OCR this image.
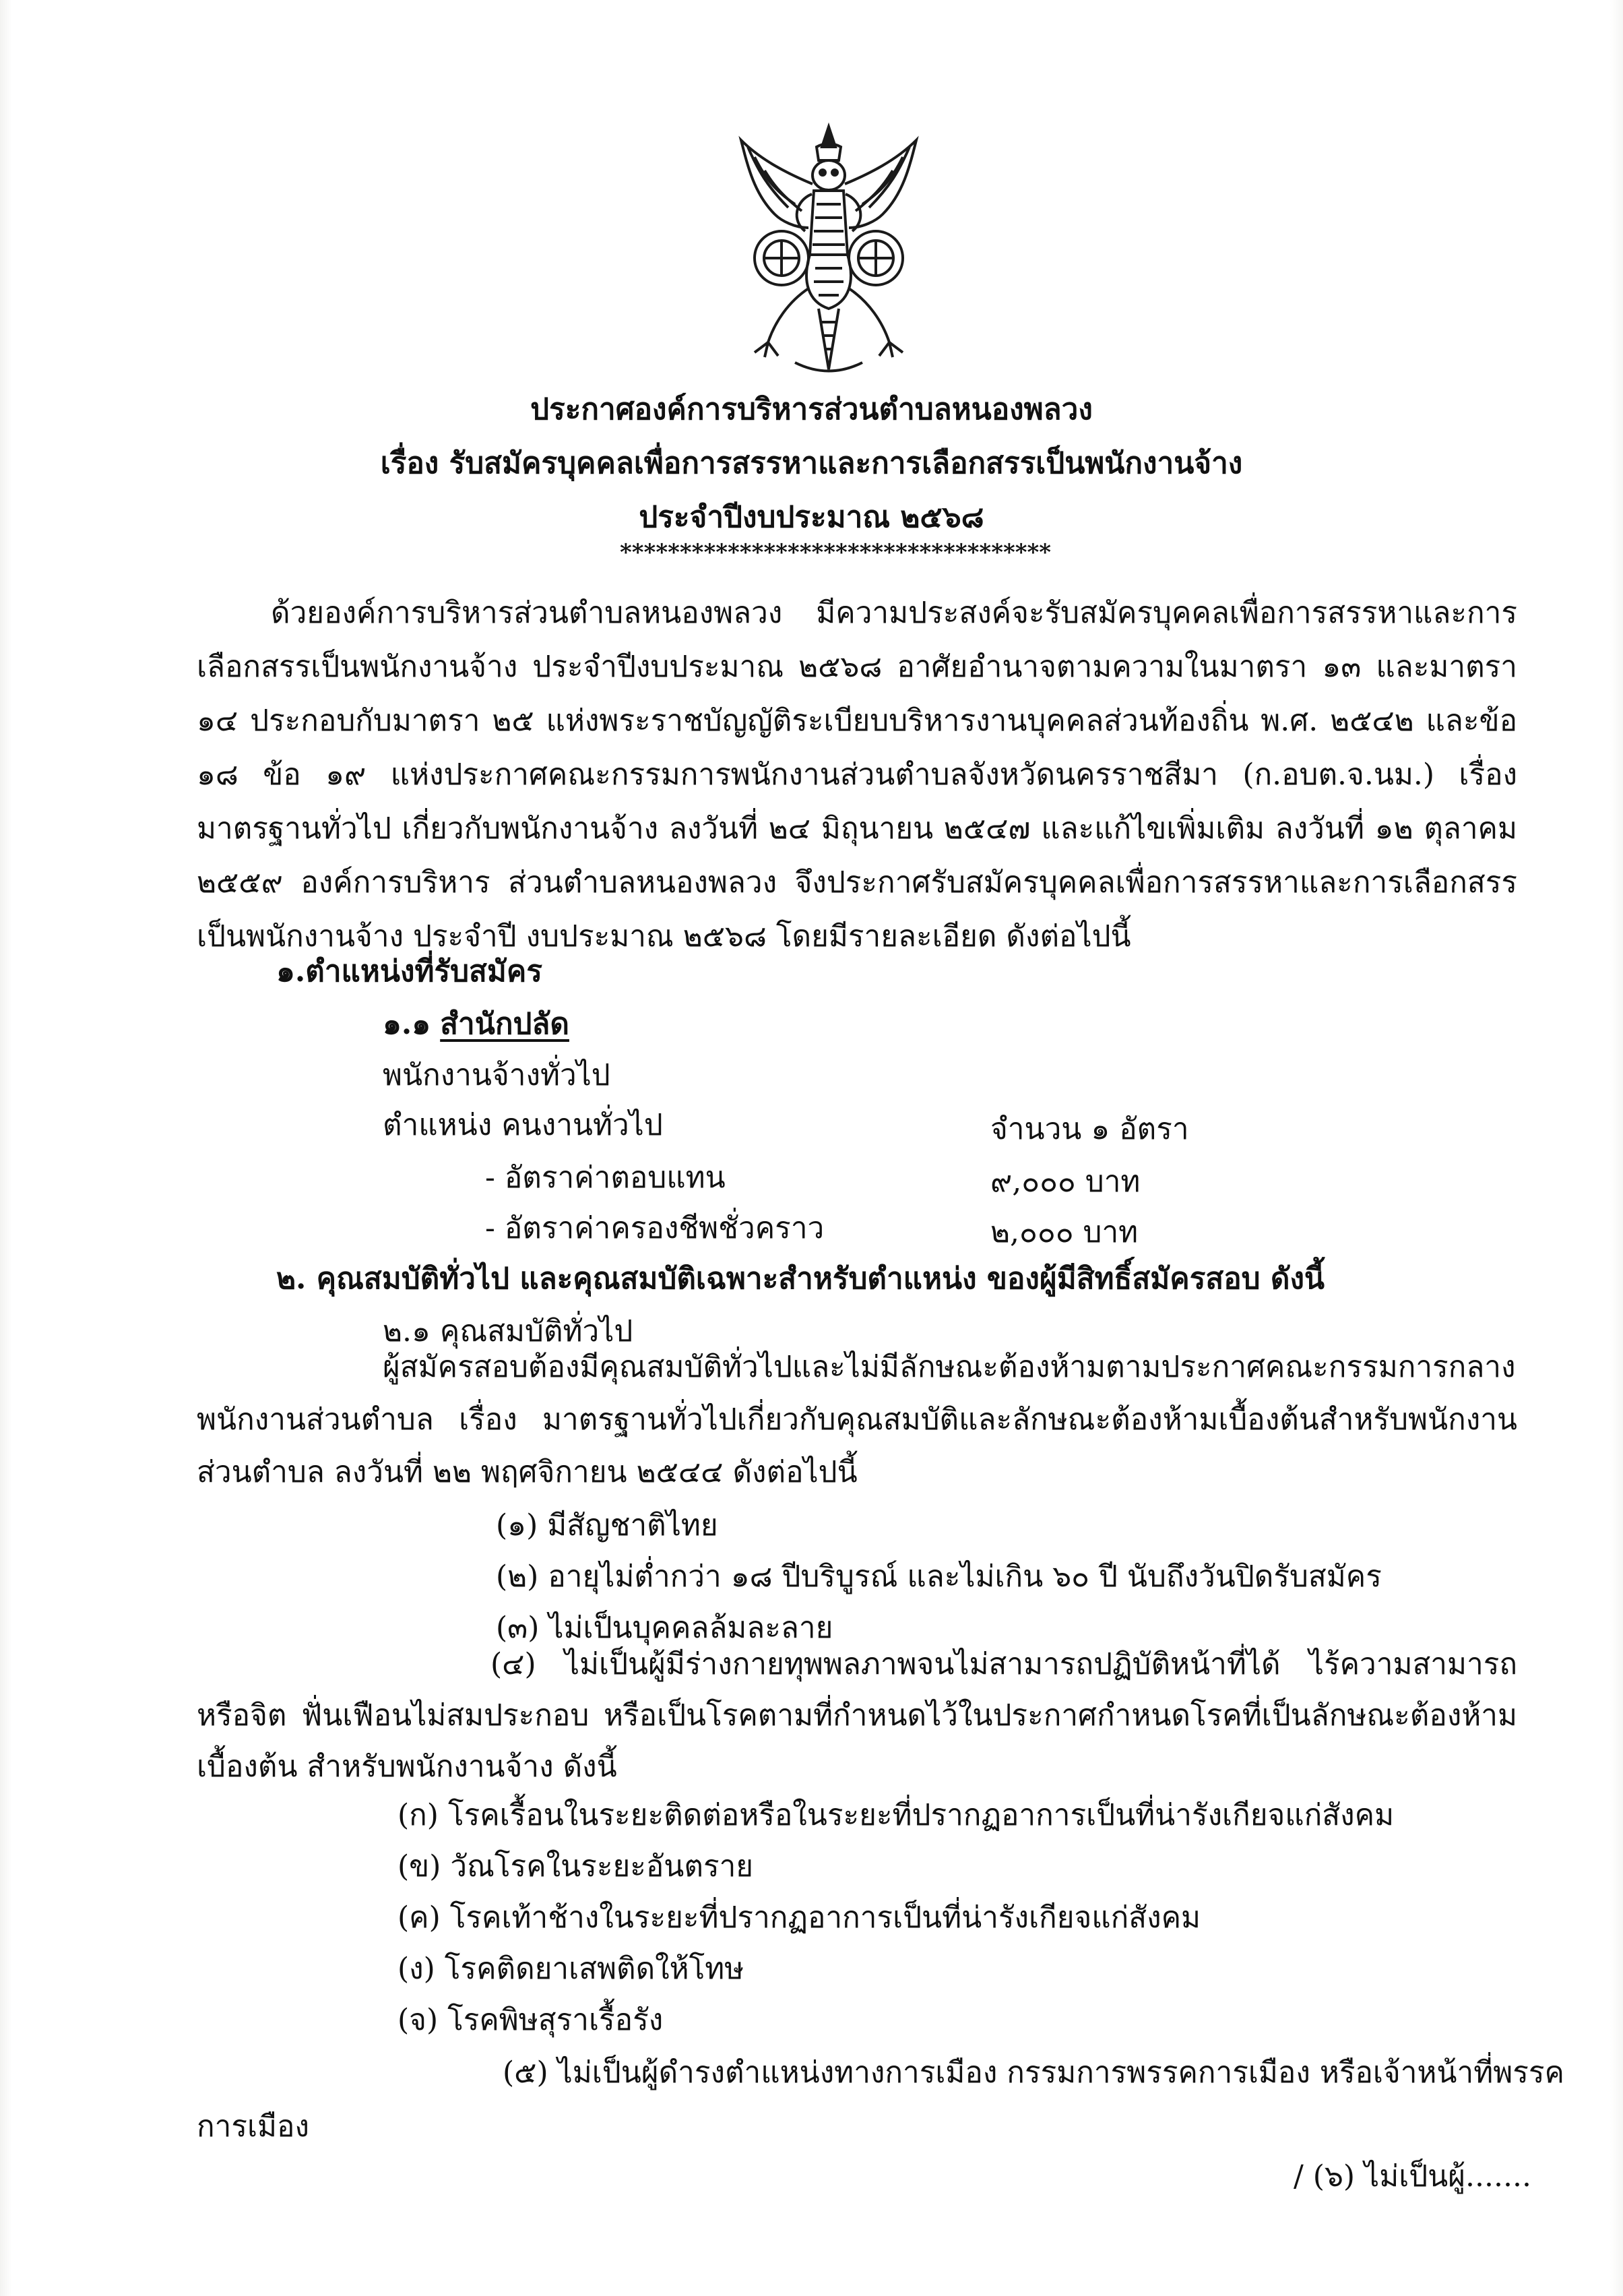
ประกาศองค์การบริหารส่วนตำบลหนองพลวง
เรื่อง รับสมัครบุคคลเพื่อการสรรหาและการเลือกสรรเป็นพนักงานจ้าง
ประจำปีงบประมาณ ๒๕๖๘
************************************
ด้วยองค์การบริหารส่วนตำบลหนองพลวง มีความประสงค์จะรับสมัครบุคคลเพื่อการสรรหาและการเลือกสรรเป็นพนักงานจ้าง ประจำปีงบประมาณ ๒๕๖๘ อาศัยอำนาจตามความในมาตรา ๑๓ และมาตรา ๑๔ ประกอบกับมาตรา ๒๕ แห่งพระราชบัญญัติระเบียบบริหารงานบุคคลส่วนท้องถิ่น พ.ศ. ๒๕๔๒ และข้อ ๑๘ ข้อ ๑๙ แห่งประกาศคณะกรรมการพนักงานส่วนตำบลจังหวัดนครราชสีมา (ก.อบต.จ.นม.) เรื่อง มาตรฐานทั่วไป เกี่ยวกับพนักงานจ้าง ลงวันที่ ๒๔ มิถุนายน ๒๕๔๗ และแก้ไขเพิ่มเติม ลงวันที่ ๑๒ ตุลาคม ๒๕๕๙ องค์การบริหาร ส่วนตำบลหนองพลวง จึงประกาศรับสมัครบุคคลเพื่อการสรรหาและการเลือกสรรเป็นพนักงานจ้าง ประจำปี งบประมาณ ๒๕๖๘ โดยมีรายละเอียด ดังต่อไปนี้
๑.ตำแหน่งที่รับสมัคร
๑.๑ สำนักปลัด
พนักงานจ้างทั่วไป
ตำแหน่ง คนงานทั่วไป	จำนวน ๑ อัตรา
- อัตราค่าตอบแทน	๙,๐๐๐ บาท
- อัตราค่าครองชีพชั่วคราว	๒,๐๐๐ บาท
๒. คุณสมบัติทั่วไป และคุณสมบัติเฉพาะสำหรับตำแหน่ง ของผู้มีสิทธิ์สมัครสอบ ดังนี้
๒.๑ คุณสมบัติทั่วไป
ผู้สมัครสอบต้องมีคุณสมบัติทั่วไปและไม่มีลักษณะต้องห้ามตามประกาศคณะกรรมการกลาง พนักงานส่วนตำบล เรื่อง มาตรฐานทั่วไปเกี่ยวกับคุณสมบัติและลักษณะต้องห้ามเบื้องต้นสำหรับพนักงานส่วนตำบล ลงวันที่ ๒๒ พฤศจิกายน ๒๕๔๔ ดังต่อไปนี้
(๑) มีสัญชาติไทย
(๒) อายุไม่ต่ำกว่า ๑๘ ปีบริบูรณ์ และไม่เกิน ๖๐ ปี นับถึงวันปิดรับสมัคร
(๓) ไม่เป็นบุคคลล้มละลาย
(๔) ไม่เป็นผู้มีร่างกายทุพพลภาพจนไม่สามารถปฏิบัติหน้าที่ได้ ไร้ความสามารถ หรือจิต ฟั่นเฟือนไม่สมประกอบ หรือเป็นโรคตามที่กำหนดไว้ในประกาศกำหนดโรคที่เป็นลักษณะต้องห้ามเบื้องต้น สำหรับพนักงานจ้าง ดังนี้
(ก) โรคเรื้อนในระยะติดต่อหรือในระยะที่ปรากฏอาการเป็นที่น่ารังเกียจแก่สังคม
(ข) วัณโรคในระยะอันตราย
(ค) โรคเท้าช้างในระยะที่ปรากฏอาการเป็นที่น่ารังเกียจแก่สังคม
(ง) โรคติดยาเสพติดให้โทษ
(จ) โรคพิษสุราเรื้อรัง
(๕) ไม่เป็นผู้ดำรงตำแหน่งทางการเมือง กรรมการพรรคการเมือง หรือเจ้าหน้าที่พรรค
การเมือง
/ (๖) ไม่เป็นผู้.......
